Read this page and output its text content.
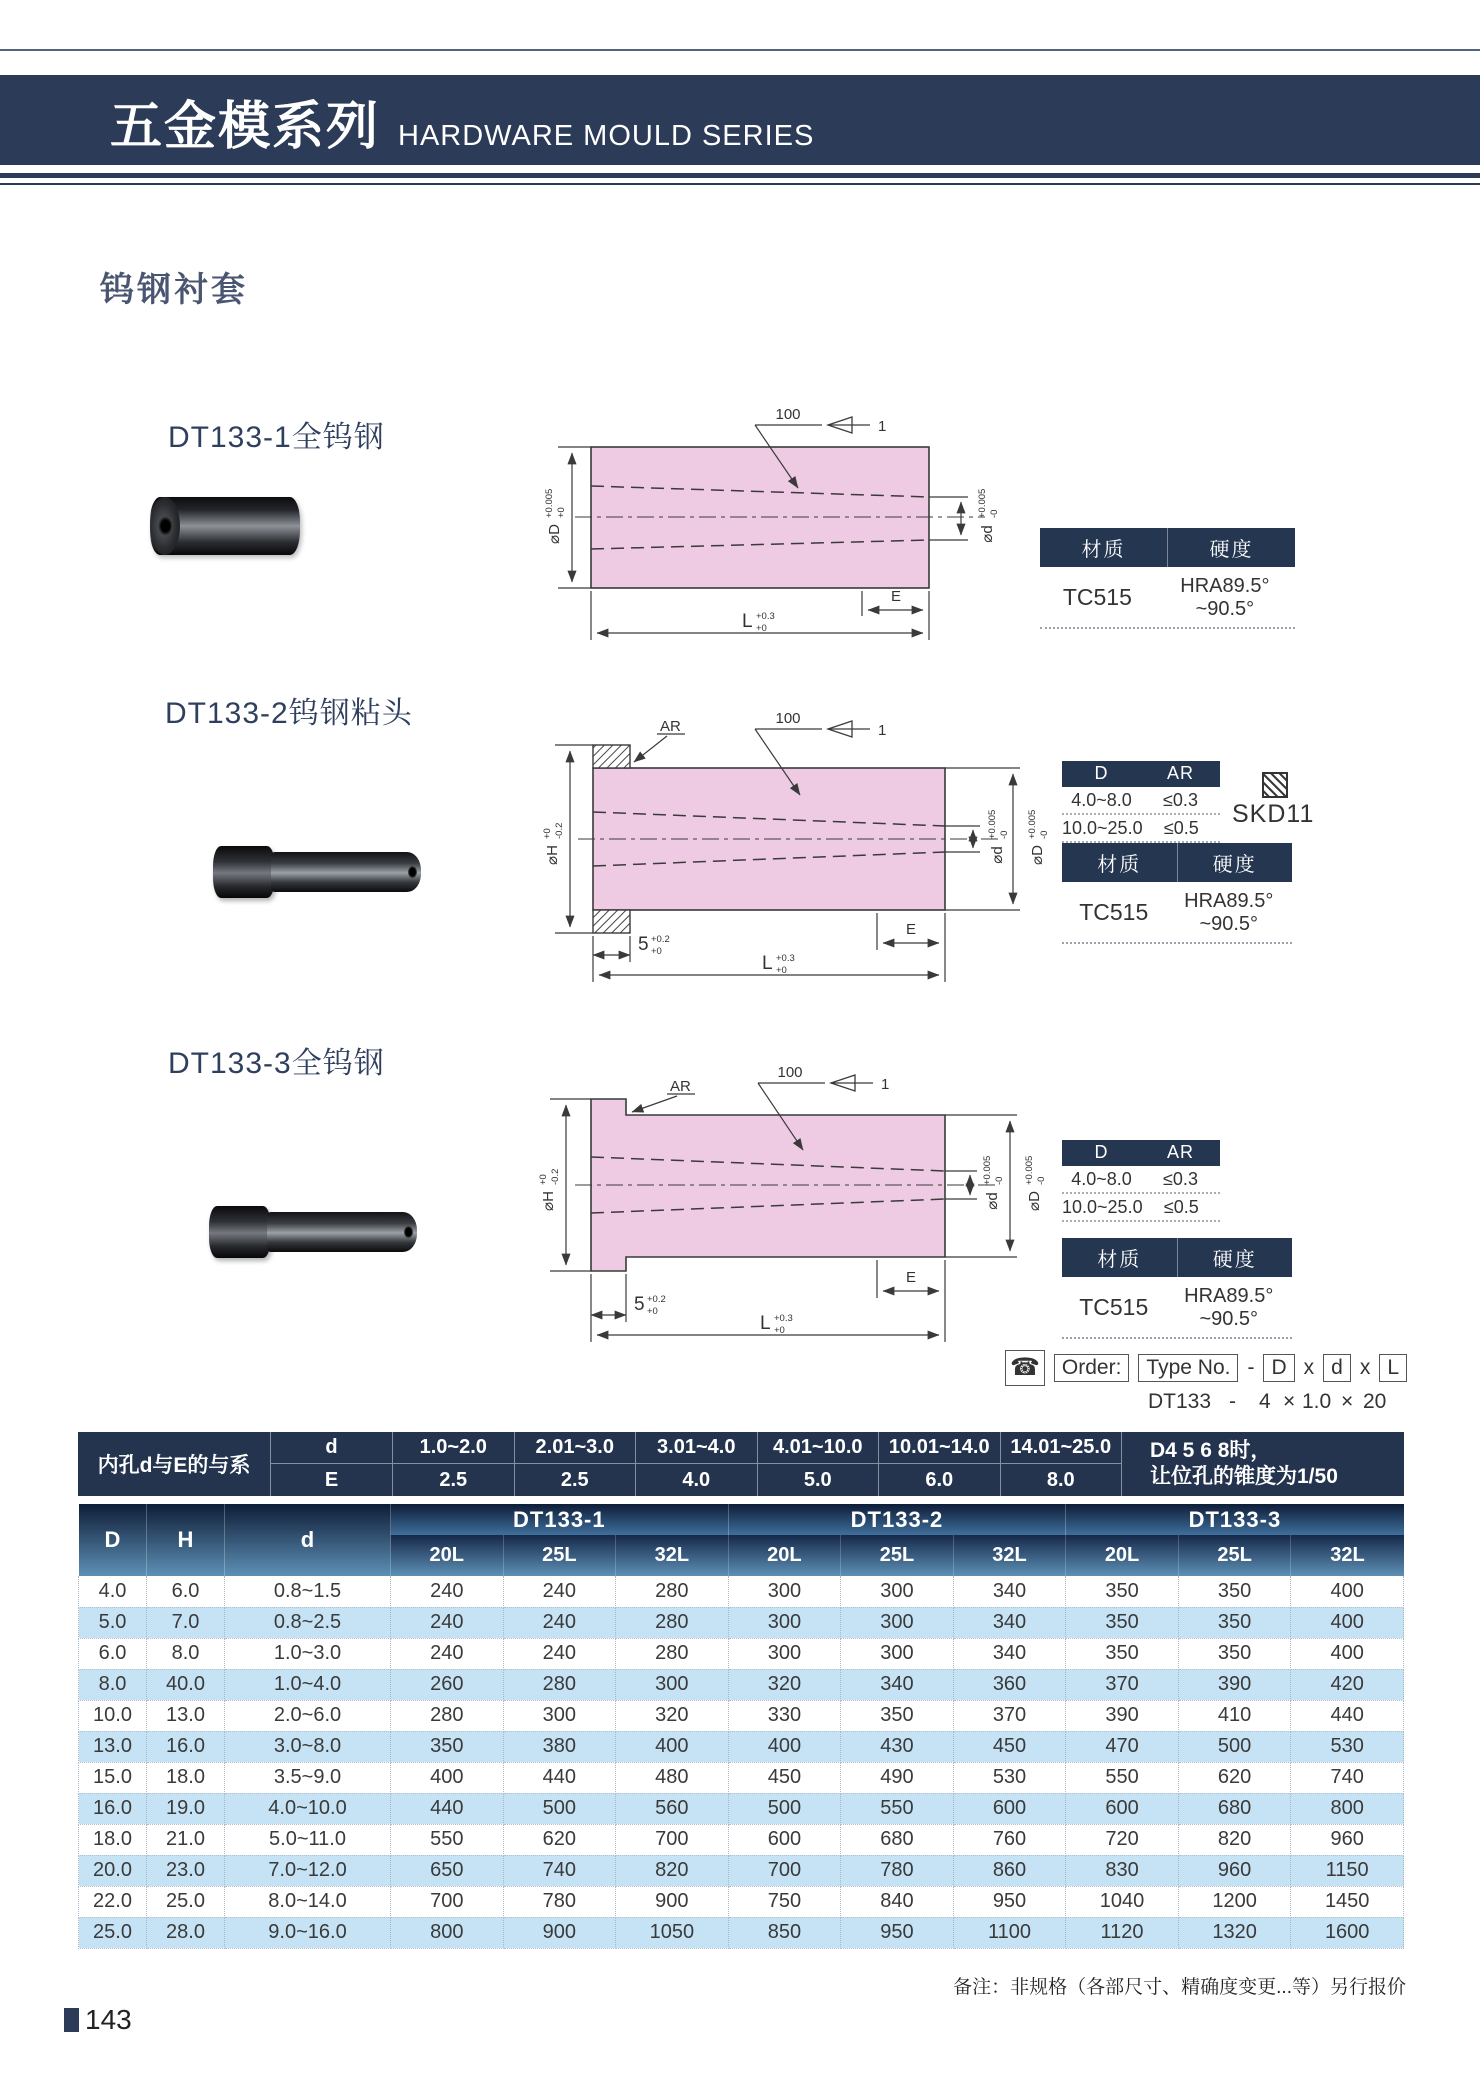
五金模系列 HARDWARE MOULD SERIES
钨钢衬套
DT133-1全钨钢
⌀D
+0.005 +0
100
1
⌀d
+0.005 -0
E
L +0.3
+0
材质	硬度
TC515	HRA89.5° ~90.5°
DT133-2钨钢粘头
⌀H
+0 -0.2
AR	100
1
⌀d
+0.005 -0
⌀D
+0.005 -0
5 +0.2
+0
E
L +0.3
+0
D	AR
4.0~8.0	≤0.3
10.0~25.0	≤0.5	SKD11
材质	硬度
TC515	HRA89.5° ~90.5°
DT133-3全钨钢
⌀H
+0 -0.2
AR
100
1
⌀d
+0.005 -0
⌀D
+0.005 -0
5 +0.2
+0
E
L +0.3
+0
D	AR
4.0~8.0	≤0.3
10.0~25.0	≤0.5
材质	硬度
TC515	HRA89.5° ~90.5°
☎	Order:	Type No. - D x d x L
DT133 - 4 × 1.0 × 20
内孔d与E的与系
d	1.0~2.0	2.01~3.0	3.01~4.0	4.01~10.0	10.01~14.0	14.01~25.0
E	2.5	2.5	4.0	5.0	6.0	8.0
D4 5 6 8时，
让位孔的锥度为1/50
D	H	d	DT133-1			DT133-2			DT133-3		
			20L	25L	32L	20L	25L	32L	20L	25L	32L
4.0	6.0	0.8~1.5	240	240	280	300	300	340	350	350	400
5.0	7.0	0.8~2.5	240	240	280	300	300	340	350	350	400
6.0	8.0	1.0~3.0	240	240	280	300	300	340	350	350	400
8.0	40.0	1.0~4.0	260	280	300	320	340	360	370	390	420
10.0	13.0	2.0~6.0	280	300	320	330	350	370	390	410	440
13.0	16.0	3.0~8.0	350	380	400	400	430	450	470	500	530
15.0	18.0	3.5~9.0	400	440	480	450	490	530	550	620	740
16.0	19.0	4.0~10.0	440	500	560	500	550	600	600	680	800
18.0	21.0	5.0~11.0	550	620	700	600	680	760	720	820	960
20.0	23.0	7.0~12.0	650	740	820	700	780	860	830	960	1150
22.0	25.0	8.0~14.0	700	780	900	750	840	950	1040	1200	1450
25.0	28.0	9.0~16.0	800	900	1050	850	950	1100	1120	1320	1600
备注：非规格（各部尺寸、精确度变更...等）另行报价
143
